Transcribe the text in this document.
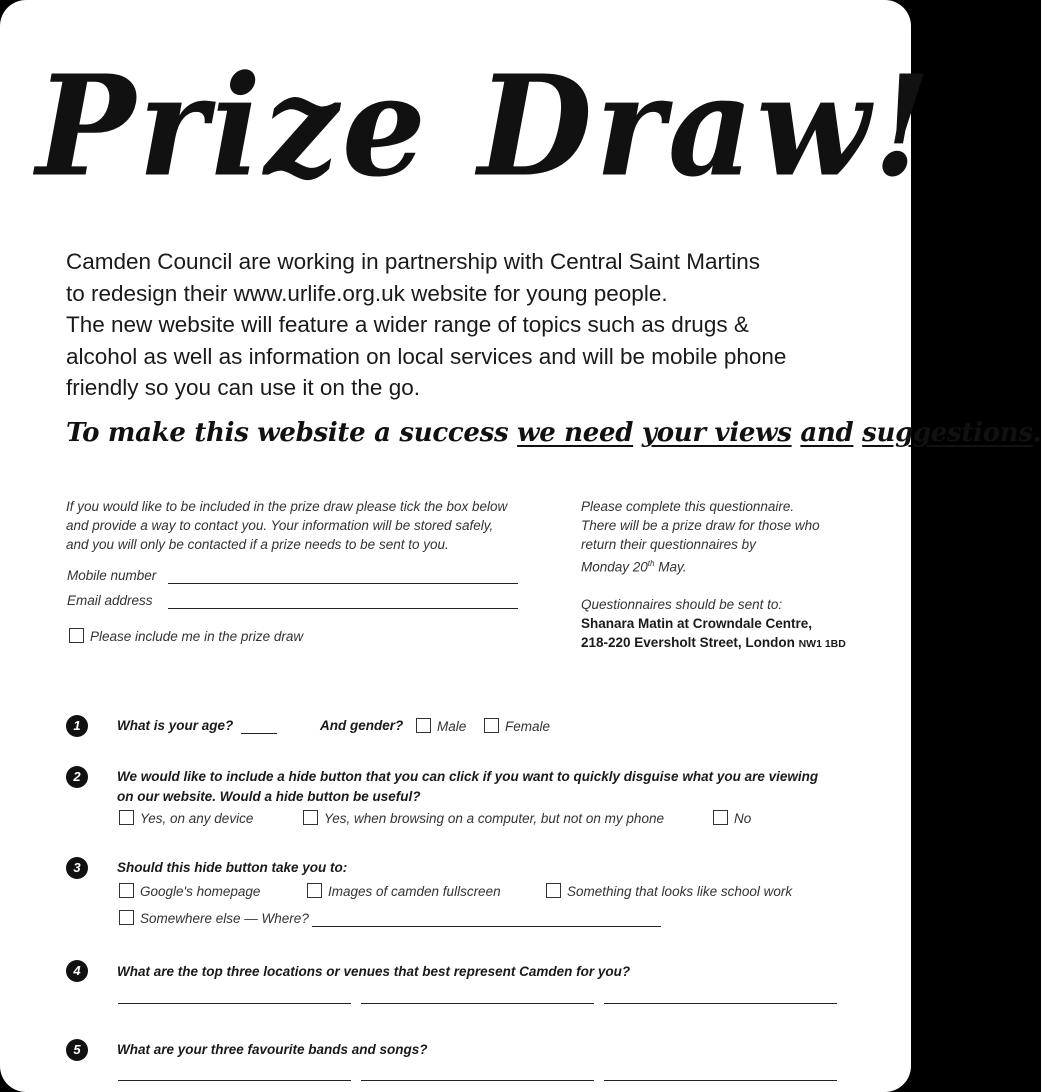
Prize Draw!
Camden Council are working in partnership with Central Saint Martins
to redesign their www.urlife.org.uk website for young people.
The new website will feature a wider range of topics such as drugs &
alcohol as well as information on local services and will be mobile phone
friendly so you can use it on the go.
To make this website a success we need your views and suggestions.
If you would like to be included in the prize draw please tick the box below
and provide a way to contact you. Your information will be stored safely,
and you will only be contacted if a prize needs to be sent to you.
Mobile number
Email address
Please include me in the prize draw
Please complete this questionnaire.
There will be a prize draw for those who
return their questionnaires by
Monday 20th May.
Questionnaires should be sent to:
Shanara Matin at Crowndale Centre,
218-220 Eversholt Street, London NW1 1BD
1	What is your age?	And gender?	Male	Female
2	We would like to include a hide button that you can click if you want to quickly disguise what you are viewing
on our website. Would a hide button be useful?
Yes, on any device	Yes, when browsing on a computer, but not on my phone	No
3	Should this hide button take you to:
Google's homepage	Images of camden fullscreen	Something that looks like school work
Somewhere else — Where?
4	What are the top three locations or venues that best represent Camden for you?
5	What are your three favourite bands and songs?
